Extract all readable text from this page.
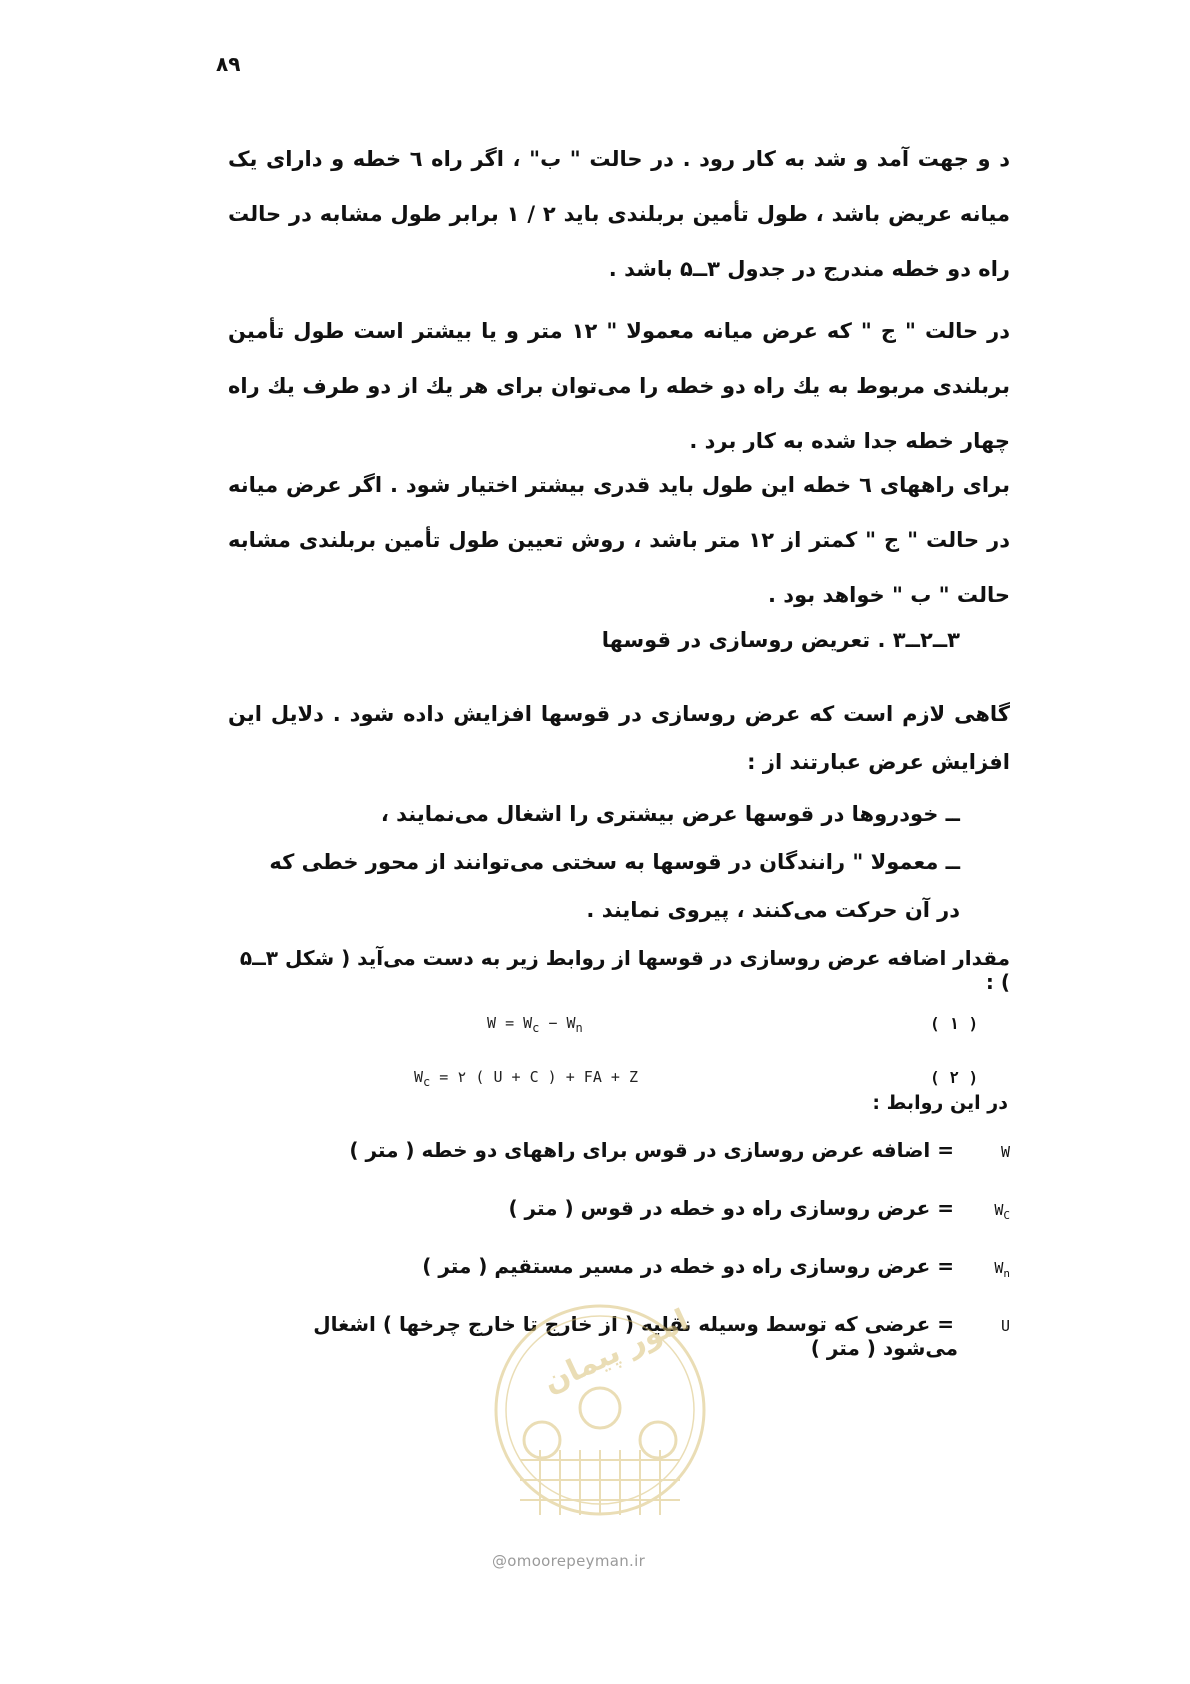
۸۹

د و جهت آمد و شد به کار رود . در حالت " ب" ، اگر راه ٦ خطه و دارای یک میانه عریض باشد ، طول تأمین بربلندی باید ۲ / ۱ برابر طول مشابه در حالت راه دو خطه مندرج در جدول ۳ــ۵ باشد .

در حالت " ج " که عرض میانه معمولا " ۱۲ متر و یا بیشتر است طول تأمین بربلندی مربوط به یك راه دو خطه را می‌توان برای هر یك از دو طرف یك راه چهار خطه جدا شده به کار برد .

برای راههای ٦ خطه این طول باید قدری بیشتر اختیار شود . اگر عرض میانه در حالت " ج " کمتر از ۱۲ متر باشد ، روش تعیین طول تأمین بربلندی مشابه حالت " ب " خواهد بود .

۳ــ۲ــ۳ . تعریض روسازی در قوسها

گاهی لازم است که عرض روسازی در قوسها افزایش داده شود . دلایل این افزایش عرض عبارتند از :

ــ خودروها در قوسها عرض بیشتری را اشغال می‌نمایند ،
ــ معمولا " رانندگان در قوسها به سختی می‌توانند از محور خطی که در
آن حرکت می‌کنند ، پیروی نمایند .
مقدار اضافه عرض روسازی در قوسها از روابط زیر به دست می‌آید ( شکل ۳ــ۵ ) :
$W = W_c - W_n$	( ۱ )
$W_c$ = ۲ ( U + C ) + FA + Z	( ۲ )
در این روابط :
W
= اضافه عرض روسازی در قوس برای راههای دو خطه ( متر )
$W_C$
= عرض روسازی راه دو خطه در قوس ( متر )
$W_n$
= عرض روسازی راه دو خطه در مسیر مستقیم ( متر )
U
= عرضی که توسط وسیله نقلیه ( از خارج تا خارج چرخها ) اشغال
می‌شود ( متر )
امور پیمان
@omoorepeyman.ir
